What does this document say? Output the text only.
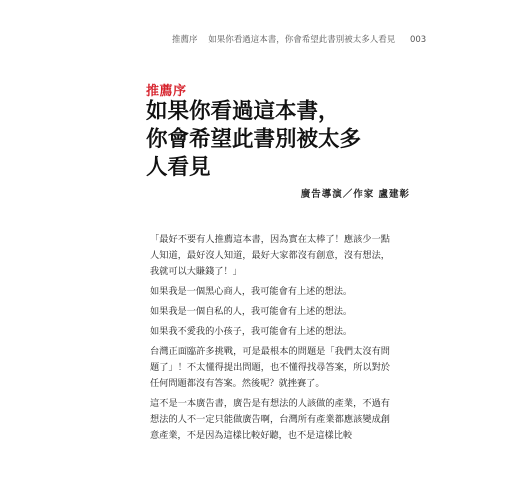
推薦序 如果你看過這本書，你會希望此書別被太多人看見 003
推薦序
如果你看過這本書，
你會希望此書別被太多
人看見
廣告導演／作家 盧建彰

「最好不要有人推薦這本書，因為實在太棒了！應該少一點人知道，最好沒人知道，最好大家都沒有創意，沒有想法，我就可以大賺錢了！」

如果我是一個黑心商人，我可能會有上述的想法。

如果我是一個自私的人，我可能會有上述的想法。

如果我不愛我的小孩子，我可能會有上述的想法。

台灣正面臨許多挑戰，可是最根本的問題是「我們太沒有問題了」！不太懂得提出問題，也不懂得找尋答案，所以對於任何問題都沒有答案。然後呢？就挫賽了。

這不是一本廣告書，廣告是有想法的人該做的產業，不過有想法的人不一定只能做廣告啊，台灣所有產業都應該變成創意產業，不是因為這樣比較好聽，也不是這樣比較
